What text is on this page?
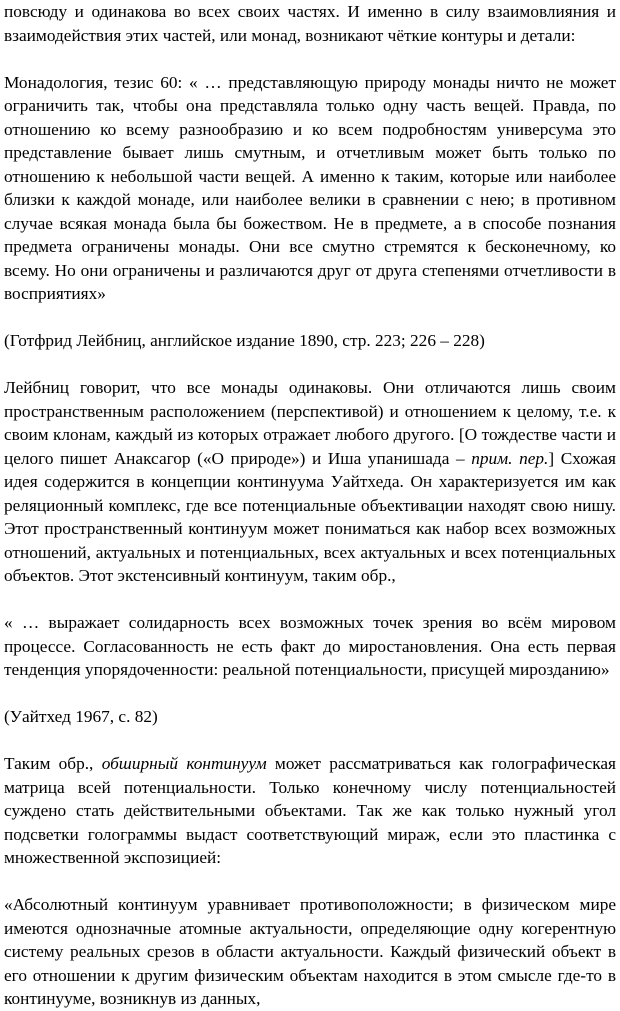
повсюду и одинакова во всех своих частях. И именно в силу взаимовлияния и взаимодействия этих частей, или монад, возникают чёткие контуры и детали:

Монадология, тезис 60: « … представляющую природу монады ничто не может ограничить так, чтобы она представляла только одну часть вещей. Правда, по отношению ко всему разнообразию и ко всем подробностям универсума это представление бывает лишь смутным, и отчетливым может быть только по отношению к небольшой части вещей. А именно к таким, которые или наиболее близки к каждой монаде, или наиболее велики в сравнении с нею; в противном случае всякая монада была бы божеством. Не в предмете, а в способе познания предмета ограничены монады. Они все смутно стремятся к бесконечному, ко всему. Но они ограничены и различаются друг от друга степенями отчетливости в восприятиях»

(Готфрид Лейбниц, английское издание 1890, стр. 223; 226 – 228)

Лейбниц говорит, что все монады одинаковы. Они отличаются лишь своим пространственным расположением (перспективой) и отношением к целому, т.е. к своим клонам, каждый из которых отражает любого другого. [О тождестве части и целого пишет Анаксагор («О природе») и Иша упанишада – прим. пер.] Схожая идея содержится в концепции континуума Уайтхеда. Он характеризуется им как реляционный комплекс, где все потенциальные объективации находят свою нишу. Этот пространственный континуум может пониматься как набор всех возможных отношений, актуальных и потенциальных, всех актуальных и всех потенциальных объектов. Этот экстенсивный континуум, таким обр.,

« … выражает солидарность всех возможных точек зрения во всём мировом процессе. Согласованность не есть факт до миростановления. Она есть первая тенденция упорядоченности: реальной потенциальности, присущей мирозданию»

(Уайтхед 1967, с. 82)

Таким обр., обширный континуум может рассматриваться как голографическая матрица всей потенциальности. Только конечному числу потенциальностей суждено стать действительными объектами. Так же как только нужный угол подсветки голограммы выдаст соответствующий мираж, если это пластинка с множественной экспозицией:

«Абсолютный континуум уравнивает противоположности; в физическом мире имеются однозначные атомные актуальности, определяющие одну когерентную систему реальных срезов в области актуальности. Каждый физический объект в его отношении к другим физическим объектам находится в этом смысле где-то в континууме, возникнув из данных,
